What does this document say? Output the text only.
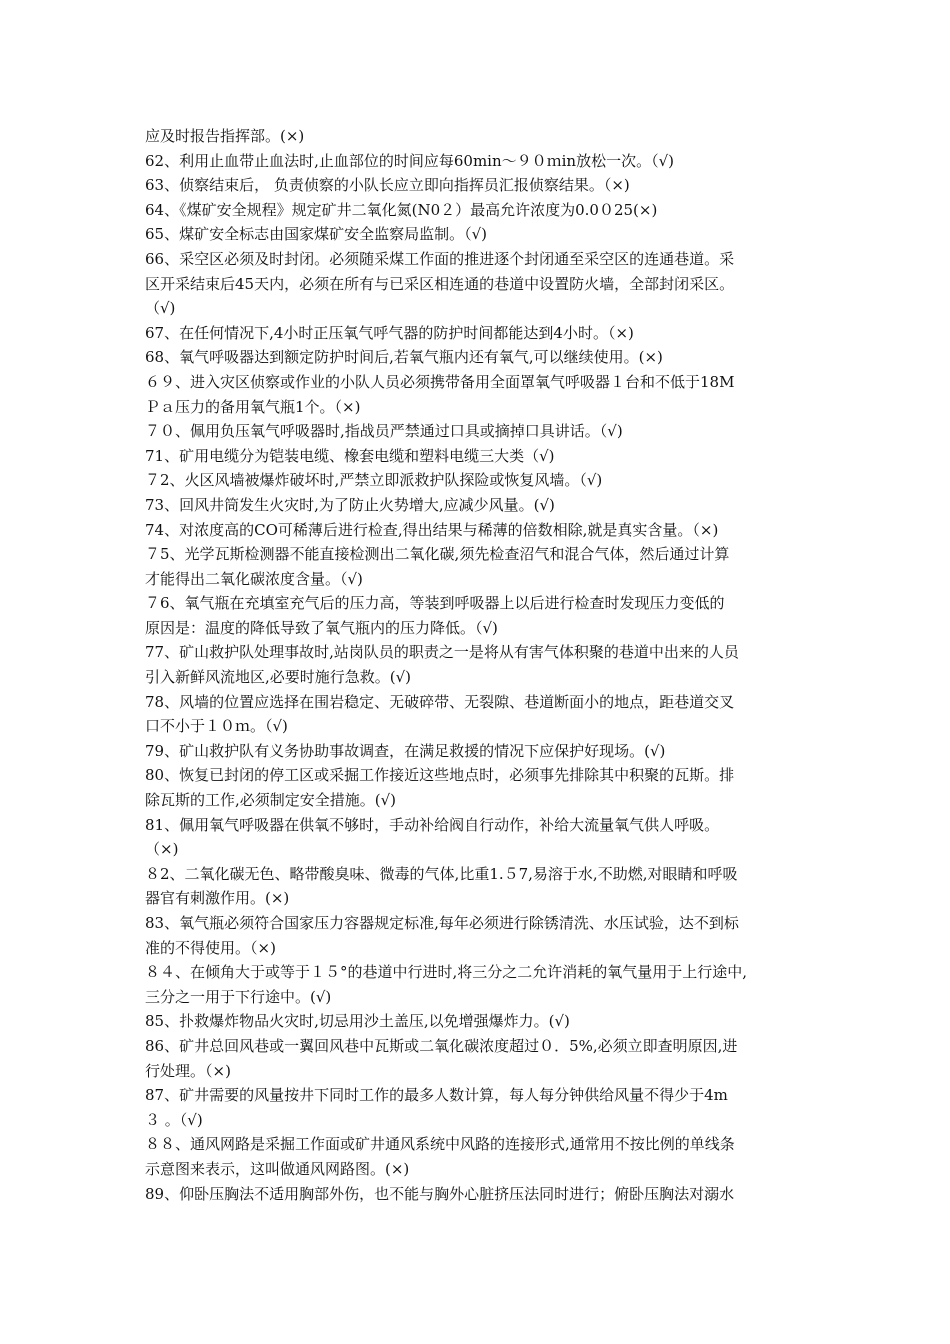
应及时报告指挥部。(×)
62、利用止血带止血法时,止血部位的时间应每60min～９０ｍin放松一次。（√)
63、侦察结束后， 负责侦察的小队长应立即向指挥员汇报侦察结果。（×)
64、《煤矿安全规程》规定矿井二氧化氮(N0２）最高允许浓度为0.0０25(×)
65、煤矿安全标志由国家煤矿安全监察局监制。（√)
66、采空区必须及时封闭。必须随采煤工作面的推进逐个封闭通至采空区的连通巷道。采
区开采结束后45天内，必须在所有与已采区相连通的巷道中设置防火墙，全部封闭采区。
（√)
67、在任何情况下,4小时正压氧气呼气器的防护时间都能达到4小时。（×)
68、氧气呼吸器达到额定防护时间后,若氧气瓶内还有氧气,可以继续使用。(×)
６９、进入灾区侦察或作业的小队人员必须携带备用全面罩氧气呼吸器１台和不低于18M
Ｐａ压力的备用氧气瓶1个。（×)
７０、佩用负压氧气呼吸器时,指战员严禁通过口具或摘掉口具讲话。（√)
71、矿用电缆分为铠装电缆、橡套电缆和塑料电缆三大类（√)
７2、火区风墙被爆炸破坏时,严禁立即派救护队探险或恢复风墙。（√)
73、回风井筒发生火灾时,为了防止火势增大,应减少风量。(√)
74、对浓度高的CO可稀薄后进行检查,得出结果与稀薄的倍数相除,就是真实含量。（×)
７5、光学瓦斯检测器不能直接检测出二氧化碳,须先检查沼气和混合气体，然后通过计算
才能得出二氧化碳浓度含量。（√)
７6、氧气瓶在充填室充气后的压力高，等装到呼吸器上以后进行检查时发现压力变低的
原因是：温度的降低导致了氧气瓶内的压力降低。（√)
77、矿山救护队处理事故时,站岗队员的职责之一是将从有害气体积聚的巷道中出来的人员
引入新鲜风流地区,必要时施行急救。(√)
78、风墙的位置应选择在围岩稳定、无破碎带、无裂隙、巷道断面小的地点，距巷道交叉
口不小于１０ｍ。（√)
79、矿山救护队有义务协助事故调查，在满足救援的情况下应保护好现场。(√)
80、恢复已封闭的停工区或采掘工作接近这些地点时，必须事先排除其中积聚的瓦斯。排
除瓦斯的工作,必须制定安全措施。(√)
81、佩用氧气呼吸器在供氧不够时，手动补给阀自行动作，补给大流量氧气供人呼吸。
（×)
８2、二氧化碳无色、略带酸臭味、微毒的气体,比重1.５7,易溶于水,不助燃,对眼睛和呼吸
器官有刺激作用。(×)
83、氧气瓶必须符合国家压力容器规定标准,每年必须进行除锈清洗、水压试验，达不到标
准的不得使用。（×)
８４、在倾角大于或等于１５°的巷道中行进时,将三分之二允许消耗的氧气量用于上行途中,
三分之一用于下行途中。(√)
85、扑救爆炸物品火灾时,切忌用沙土盖压,以免增强爆炸力。(√)
86、矿井总回风巷或一翼回风巷中瓦斯或二氧化碳浓度超过０．5%,必须立即查明原因,进
行处理。（×)
87、矿井需要的风量按井下同时工作的最多人数计算，每人每分钟供给风量不得少于4m
３ 。（√)
８８、通风网路是采掘工作面或矿井通风系统中风路的连接形式,通常用不按比例的单线条
示意图来表示，这叫做通风网路图。(×)
89、仰卧压胸法不适用胸部外伤，也不能与胸外心脏挤压法同时进行；俯卧压胸法对溺水
